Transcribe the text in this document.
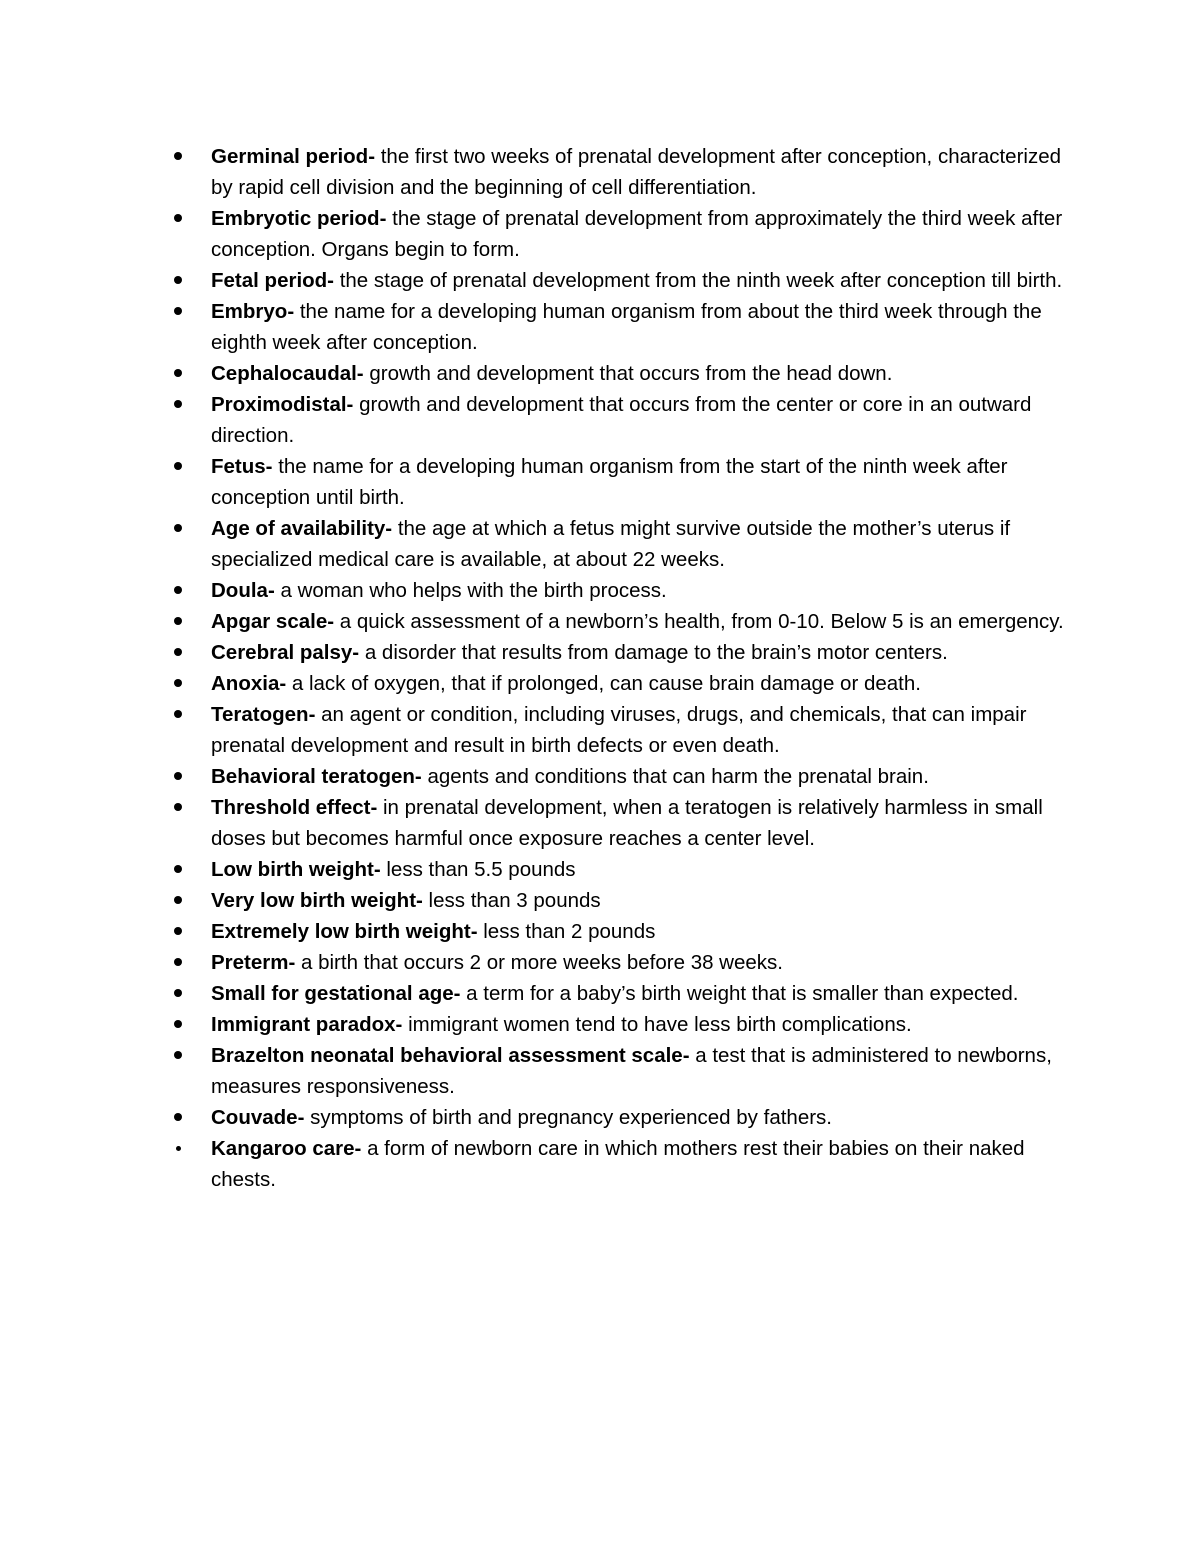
Germinal period- the first two weeks of prenatal development after conception, characterized by rapid cell division and the beginning of cell differentiation.
Embryotic period- the stage of prenatal development from approximately the third week after conception. Organs begin to form.
Fetal period- the stage of prenatal development from the ninth week after conception till birth.
Embryo- the name for a developing human organism from about the third week through the eighth week after conception.
Cephalocaudal- growth and development that occurs from the head down.
Proximodistal- growth and development that occurs from the center or core in an outward direction.
Fetus- the name for a developing human organism from the start of the ninth week after conception until birth.
Age of availability- the age at which a fetus might survive outside the mother’s uterus if specialized medical care is available, at about 22 weeks.
Doula- a woman who helps with the birth process.
Apgar scale- a quick assessment of a newborn’s health, from 0-10. Below 5 is an emergency.
Cerebral palsy- a disorder that results from damage to the brain’s motor centers.
Anoxia- a lack of oxygen, that if prolonged, can cause brain damage or death.
Teratogen- an agent or condition, including viruses, drugs, and chemicals, that can impair prenatal development and result in birth defects or even death.
Behavioral teratogen- agents and conditions that can harm the prenatal brain.
Threshold effect- in prenatal development, when a teratogen is relatively harmless in small doses but becomes harmful once exposure reaches a center level.
Low birth weight- less than 5.5 pounds
Very low birth weight- less than 3 pounds
Extremely low birth weight- less than 2 pounds
Preterm- a birth that occurs 2 or more weeks before 38 weeks.
Small for gestational age- a term for a baby’s birth weight that is smaller than expected.
Immigrant paradox- immigrant women tend to have less birth complications.
Brazelton neonatal behavioral assessment scale- a test that is administered to newborns, measures responsiveness.
Couvade- symptoms of birth and pregnancy experienced by fathers.
Kangaroo care- a form of newborn care in which mothers rest their babies on their naked chests.
